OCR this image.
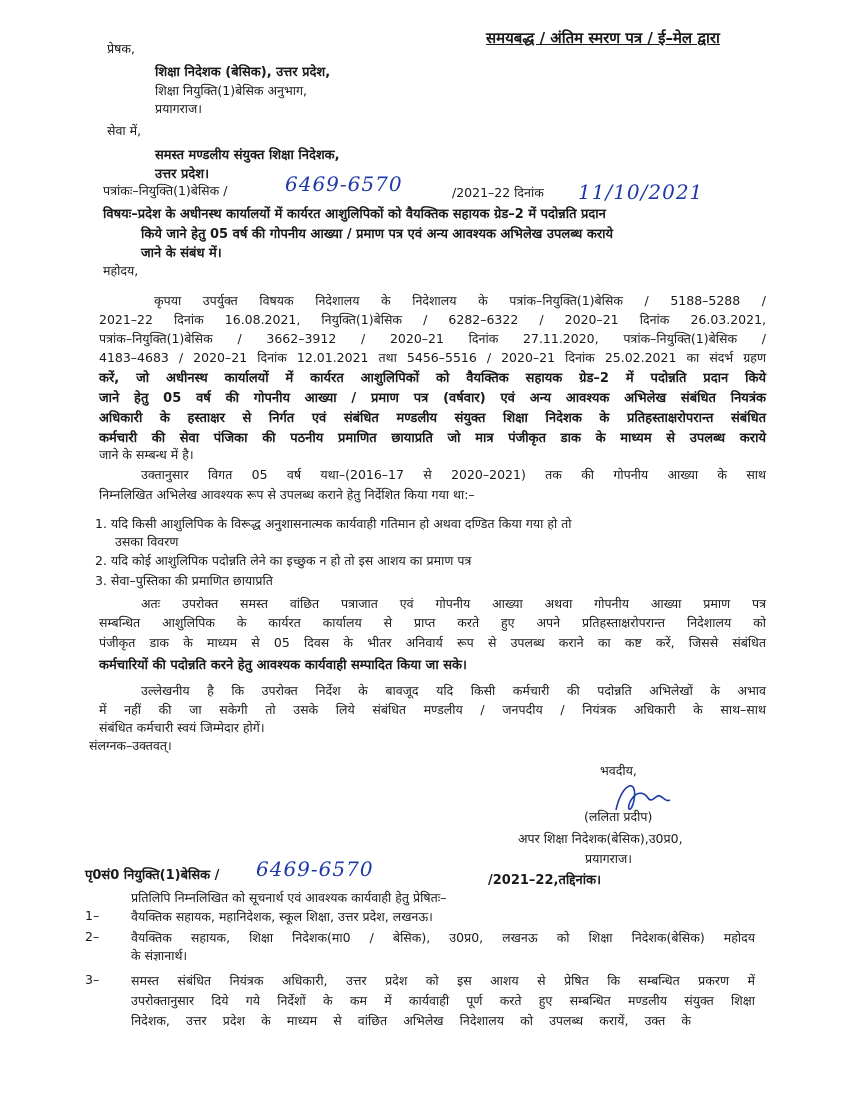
समयबद्ध / अंतिम स्मरण पत्र / ई–मेल द्वारा
प्रेषक,
शिक्षा निदेशक (बेसिक), उत्तर प्रदेश,
शिक्षा नियुक्ति(1)बेसिक अनुभाग,
प्रयागराज।
सेवा में,
समस्त मण्डलीय संयुक्त शिक्षा निदेशक,
उत्तर प्रदेश।
पत्रांकः–नियुक्ति(1)बेसिक /	6469-6570	/2021–22 दिनांक 11/10/2021
विषयः–प्रदेश के अधीनस्थ कार्यालयों में कार्यरत आशुलिपिकों को वैयक्तिक सहायक ग्रेड–2 में पदोन्नति प्रदान
किये जाने हेतु 05 वर्ष की गोपनीय आख्या / प्रमाण पत्र एवं अन्य आवश्यक अभिलेख उपलब्ध कराये
जाने के संबंध में।
महोदय,
कृपया उपर्युक्त विषयक निदेशालय के निदेशालय के पत्रांक–नियुक्ति(1)बेसिक / 5188–5288 /
2021–22 दिनांक 16.08.2021, नियुक्ति(1)बेसिक / 6282–6322 / 2020–21 दिनांक 26.03.2021,
पत्रांक–नियुक्ति(1)बेसिक / 3662–3912 / 2020–21 दिनांक 27.11.2020, पत्रांक–नियुक्ति(1)बेसिक /
4183–4683 / 2020–21 दिनांक 12.01.2021 तथा 5456–5516 / 2020–21 दिनांक 25.02.2021 का संदर्भ ग्रहण
करें, जो अधीनस्थ कार्यालयों में कार्यरत आशुलिपिकों को वैयक्तिक सहायक ग्रेड–2 में पदोन्नति प्रदान किये
जाने हेतु 05 वर्ष की गोपनीय आख्या / प्रमाण पत्र (वर्षवार) एवं अन्य आवश्यक अभिलेख संबंधित नियत्रंक
अधिकारी के हस्ताक्षर से निर्गत एवं संबंधित मण्डलीय संयुक्त शिक्षा निदेशक के प्रतिहस्ताक्षरोपरान्त संबंधित
कर्मचारी की सेवा पंजिका की पठनीय प्रमाणित छायाप्रति जो मात्र पंजीकृत डाक के माध्यम से उपलब्ध कराये
जाने के सम्बन्ध में है।
उक्तानुसार विगत 05 वर्ष यथा–(2016–17 से 2020–2021) तक की गोपनीय आख्या के साथ
निम्नलिखित अभिलेख आवश्यक रूप से उपलब्ध कराने हेतु निर्देशित किया गया था:–
1. यदि किसी आशुलिपिक के विरूद्ध अनुशासनात्मक कार्यवाही गतिमान हो अथवा दण्डित किया गया हो तो
उसका विवरण
2. यदि कोई आशुलिपिक पदोन्नति लेने का इच्छुक न हो तो इस आशय का प्रमाण पत्र
3. सेवा–पुस्तिका की प्रमाणित छायाप्रति
अतः उपरोक्त समस्त वांछित पत्राजात एवं गोपनीय आख्या अथवा गोपनीय आख्या प्रमाण पत्र
सम्बन्धित आशुलिपिक के कार्यरत कार्यालय से प्राप्त करते हुए अपने प्रतिहस्ताक्षरोपरान्त निदेशालय को
पंजीकृत डाक के माध्यम से 05 दिवस के भीतर अनिवार्य रूप से उपलब्ध कराने का कष्ट करें, जिससे संबंधित
कर्मचारियों की पदोन्नति करने हेतु आवश्यक कार्यवाही सम्पादित किया जा सके।
उल्लेखनीय है कि उपरोक्त निर्देश के बावजूद यदि किसी कर्मचारी की पदोन्नति अभिलेखों के अभाव
में नहीं की जा सकेगी तो उसके लिये संबंधित मण्डलीय / जनपदीय / नियंत्रक अधिकारी के साथ–साथ
संबंधित कर्मचारी स्वयं जिम्मेदार होगें।
संलग्नक–उक्तवत्।
भवदीय,
(ललिता प्रदीप)
अपर शिक्षा निदेशक(बेसिक),उ0प्र0,
प्रयागराज।
पृ0सं0 नियुक्ति(1)बेसिक / 6469-6570	/2021–22,तद्दिनांक।
प्रतिलिपि निम्नलिखित को सूचनार्थ एवं आवश्यक कार्यवाही हेतु प्रेषितः–
1–	वैयक्तिक सहायक, महानिदेशक, स्कूल शिक्षा, उत्तर प्रदेश, लखनऊ।
2–	वैयक्तिक सहायक, शिक्षा निदेशक(मा0 / बेसिक), उ0प्र0, लखनऊ को शिक्षा निदेशक(बेसिक) महोदय
के संज्ञानार्थ।
3–	समस्त संबंधित नियंत्रक अधिकारी, उत्तर प्रदेश को इस आशय से प्रेषित कि सम्बन्धित प्रकरण में
उपरोक्तानुसार दिये गये निर्देशों के कम में कार्यवाही पूर्ण करते हुए सम्बन्धित मण्डलीय संयुक्त शिक्षा
निदेशक, उत्तर प्रदेश के माध्यम से वांछित अभिलेख निदेशालय को उपलब्ध करायें, उक्त के
